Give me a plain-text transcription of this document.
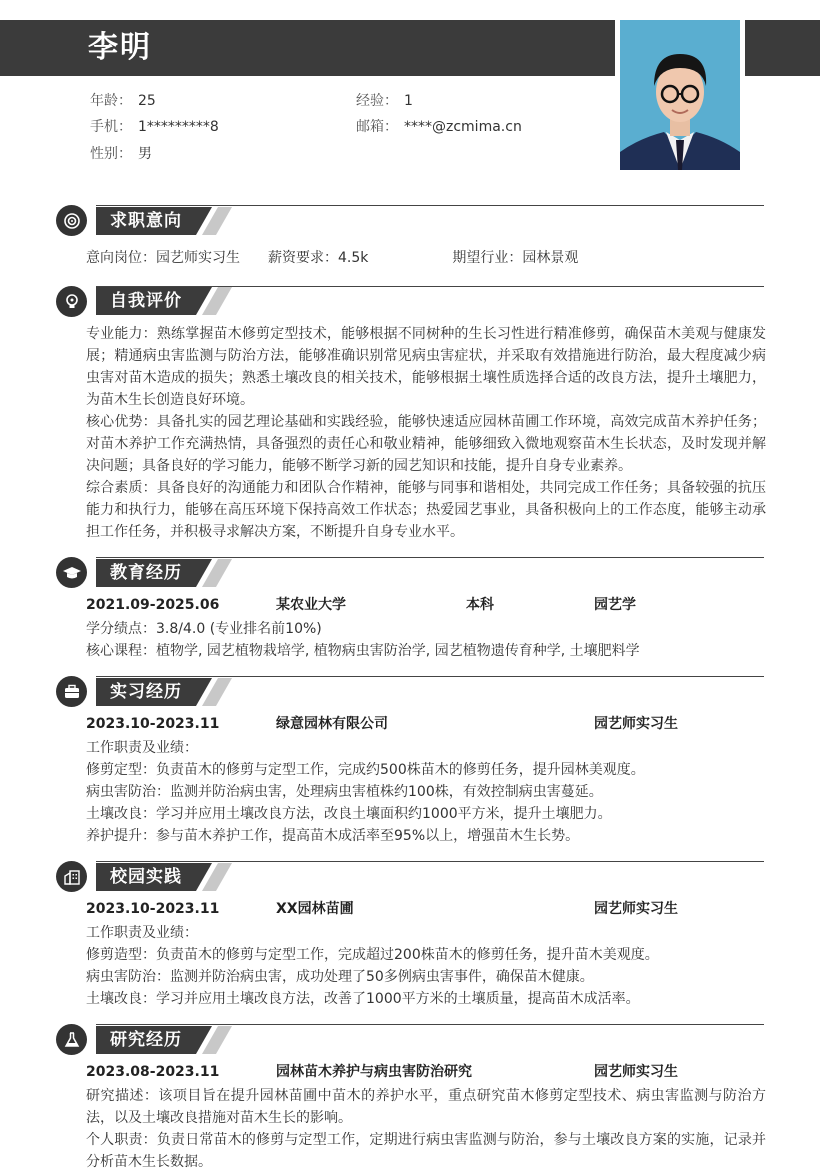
李明
年龄： 25	经验： 1
手机： 1*********8	邮箱： ****@zcmima.cn
性别： 男
求职意向
意向岗位：园艺师实习生　　薪资要求：4.5k　　　　　　期望行业：园林景观
自我评价
专业能力：熟练掌握苗木修剪定型技术，能够根据不同树种的生长习性进行精准修剪，确保苗木美观与健康发展；精通病虫害监测与防治方法，能够准确识别常见病虫害症状，并采取有效措施进行防治，最大程度减少病虫害对苗木造成的损失；熟悉土壤改良的相关技术，能够根据土壤性质选择合适的改良方法，提升土壤肥力，为苗木生长创造良好环境。
核心优势：具备扎实的园艺理论基础和实践经验，能够快速适应园林苗圃工作环境，高效完成苗木养护任务；对苗木养护工作充满热情，具备强烈的责任心和敬业精神，能够细致入微地观察苗木生长状态，及时发现并解决问题；具备良好的学习能力，能够不断学习新的园艺知识和技能，提升自身专业素养。
综合素质：具备良好的沟通能力和团队合作精神，能够与同事和谐相处，共同完成工作任务；具备较强的抗压能力和执行力，能够在高压环境下保持高效工作状态；热爱园艺事业，具备积极向上的工作态度，能够主动承担工作任务，并积极寻求解决方案，不断提升自身专业水平。
教育经历
2021.09-2025.06	某农业大学	本科	园艺学
学分绩点：3.8/4.0 (专业排名前10%)
核心课程：植物学, 园艺植物栽培学, 植物病虫害防治学, 园艺植物遗传育种学, 土壤肥料学
实习经历
2023.10-2023.11	绿意园林有限公司	园艺师实习生
工作职责及业绩：
修剪定型：负责苗木的修剪与定型工作，完成约500株苗木的修剪任务，提升园林美观度。
病虫害防治：监测并防治病虫害，处理病虫害植株约100株，有效控制病虫害蔓延。
土壤改良：学习并应用土壤改良方法，改良土壤面积约1000平方米，提升土壤肥力。
养护提升：参与苗木养护工作，提高苗木成活率至95%以上，增强苗木生长势。
校园实践
2023.10-2023.11	XX园林苗圃	园艺师实习生
工作职责及业绩：
修剪造型：负责苗木的修剪与定型工作，完成超过200株苗木的修剪任务，提升苗木美观度。
病虫害防治：监测并防治病虫害，成功处理了50多例病虫害事件，确保苗木健康。
土壤改良：学习并应用土壤改良方法，改善了1000平方米的土壤质量，提高苗木成活率。
研究经历
2023.08-2023.11	园林苗木养护与病虫害防治研究	园艺师实习生
研究描述：该项目旨在提升园林苗圃中苗木的养护水平，重点研究苗木修剪定型技术、病虫害监测与防治方法，以及土壤改良措施对苗木生长的影响。
个人职责：负责日常苗木的修剪与定型工作，定期进行病虫害监测与防治，参与土壤改良方案的实施，记录并分析苗木生长数据。
